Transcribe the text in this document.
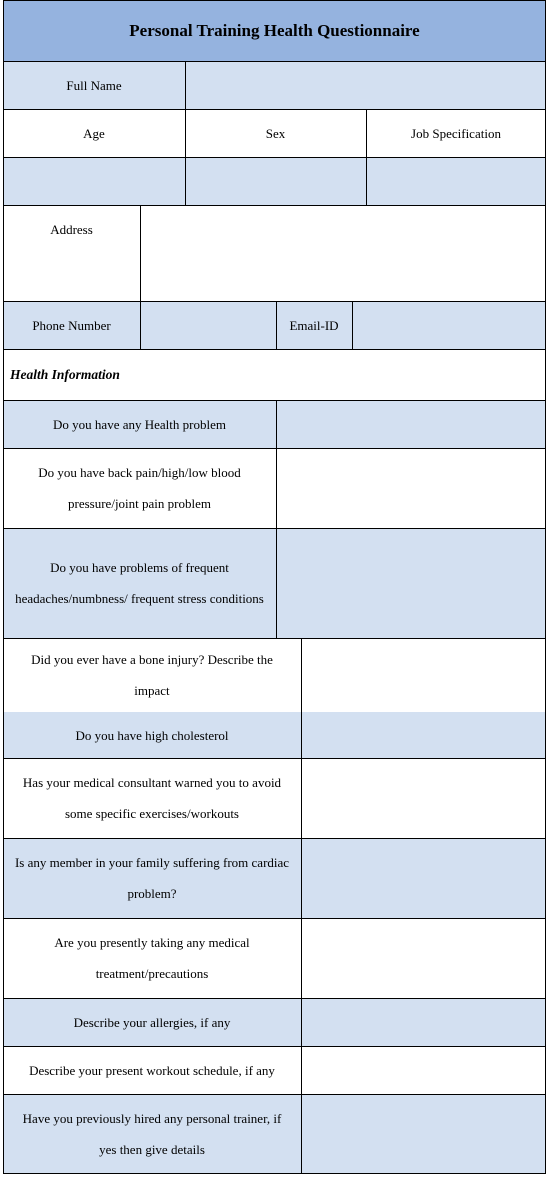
Personal Training Health Questionnaire
Full Name
Age	Sex	Job Specification
Address
Phone Number	Email-ID
Health Information
Do you have any Health problem
Do you have back pain/high/low blood pressure/joint pain problem
Do you have problems of frequent headaches/numbness/ frequent stress conditions
Did you ever have a bone injury? Describe the impact
Do you have high cholesterol
Has your medical consultant warned you to avoid some specific exercises/workouts
Is any member in your family suffering from cardiac problem?
Are you presently taking any medical treatment/precautions
Describe your allergies, if any
Describe your present workout schedule, if any
Have you previously hired any personal trainer, if yes then give details
